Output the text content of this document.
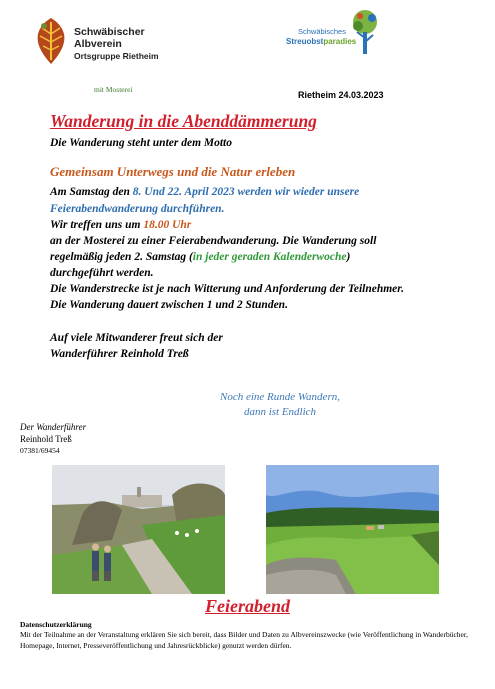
Schwäbischer
Albverein
Ortsgruppe Rietheim
mit Mosterei
Schwäbisches
Streuobstparadies
Rietheim 24.03.2023
Wanderung in die Abenddämmerung
Die Wanderung steht unter dem Motto
Gemeinsam Unterwegs und die Natur erleben
Am Samstag den 8. Und 22. April 2023 werden wir wieder unsere
Feierabendwanderung durchführen.
Wir treffen uns um 18.00 Uhr
an der Mosterei zu einer Feierabendwanderung. Die Wanderung soll
regelmäßig jeden 2. Samstag (in jeder geraden Kalenderwoche)
durchgeführt werden.
Die Wanderstrecke ist je nach Witterung und Anforderung der Teilnehmer.
Die Wanderung dauert zwischen 1 und 2 Stunden.
Auf viele Mitwanderer freut sich der
Wanderführer Reinhold Treß
Noch eine Runde Wandern,
dann ist Endlich
Der Wanderführer
Reinhold Treß
07381/69454
Feierabend
Datenschutzerklärung
Mit der Teilnahme an der Veranstaltung erklären Sie sich bereit, dass Bilder und Daten zu Albvereinszwecke (wie Veröffentlichung in Wanderbücher, Homepage, Internet, Presseveröffentlichung und Jahresrückblicke) genutzt werden dürfen.
